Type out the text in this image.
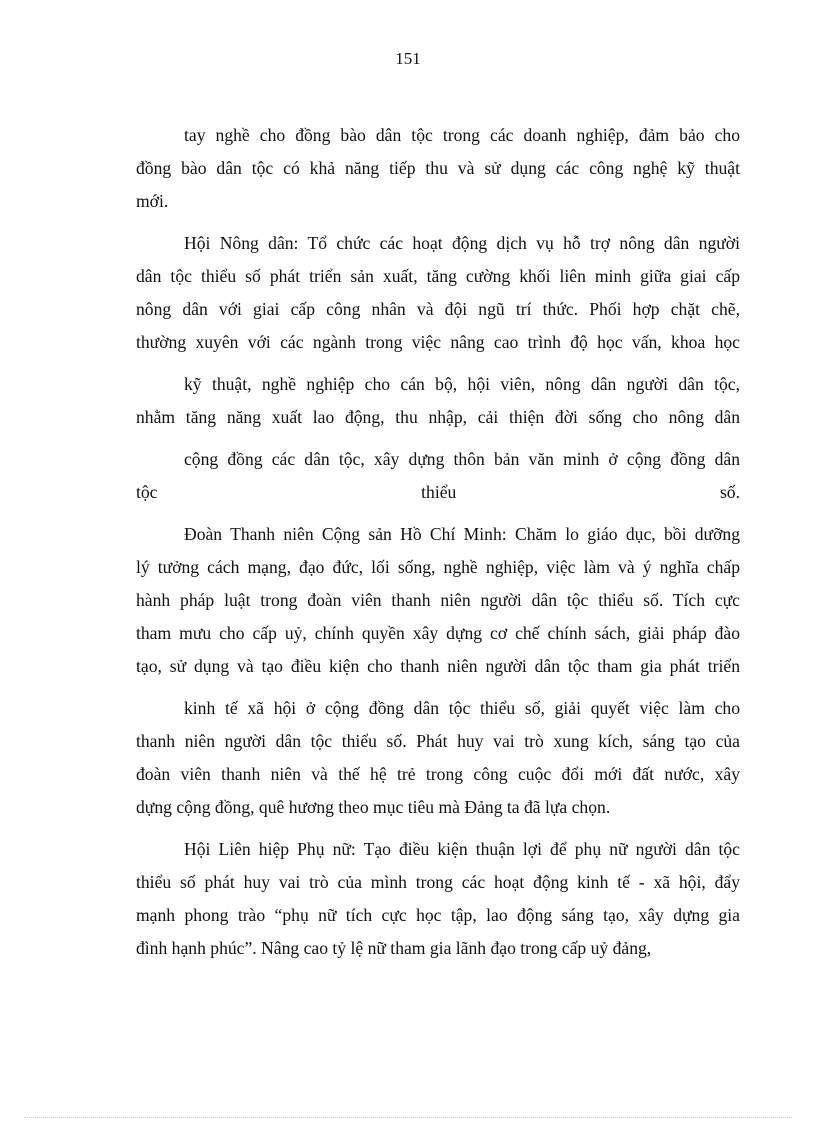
151
tay nghề cho đồng bào dân tộc trong các doanh nghiệp, đảm bảo cho
đồng bào dân tộc có khả năng tiếp thu và sử dụng các công nghệ kỹ thuật
mới.
Hội Nông dân: Tổ chức các hoạt động dịch vụ hỗ trợ nông dân người
dân tộc thiểu số phát triển sản xuất, tăng cường khối liên minh giữa giai cấp
nông dân với giai cấp công nhân và đội ngũ trí thức. Phối hợp chặt chẽ,
thường xuyên với các ngành trong việc nâng cao trình độ học vấn, khoa học
kỹ thuật, nghề nghiệp cho cán bộ, hội viên, nông dân người dân tộc,
nhằm tăng năng xuất lao động, thu nhập, cải thiện đời sống cho nông dân
cộng đồng các dân tộc, xây dựng thôn bản văn minh ở cộng đồng dân
tộc thiểu số.
Đoàn Thanh niên Cộng sản Hồ Chí Minh: Chăm lo giáo dục, bồi dưỡng
lý tưởng cách mạng, đạo đức, lối sống, nghề nghiệp, việc làm và ý nghĩa chấp
hành pháp luật trong đoàn viên thanh niên người dân tộc thiểu số. Tích cực
tham mưu cho cấp uỷ, chính quyền xây dựng cơ chế chính sách, giải pháp đào
tạo, sử dụng và tạo điều kiện cho thanh niên người dân tộc tham gia phát triển
kinh tế xã hội ở cộng đồng dân tộc thiểu số, giải quyết việc làm cho
thanh niên người dân tộc thiểu số. Phát huy vai trò xung kích, sáng tạo của
đoàn viên thanh niên và thế hệ trẻ trong công cuộc đổi mới đất nước, xây
dựng cộng đồng, quê hương theo mục tiêu mà Đảng ta đã lựa chọn.
Hội Liên hiệp Phụ nữ: Tạo điều kiện thuận lợi để phụ nữ người dân tộc
thiểu số phát huy vai trò của mình trong các hoạt động kinh tế - xã hội, đẩy
mạnh phong trào “phụ nữ tích cực học tập, lao động sáng tạo, xây dựng gia
đình hạnh phúc”. Nâng cao tỷ lệ nữ tham gia lãnh đạo trong cấp uỷ đảng,
